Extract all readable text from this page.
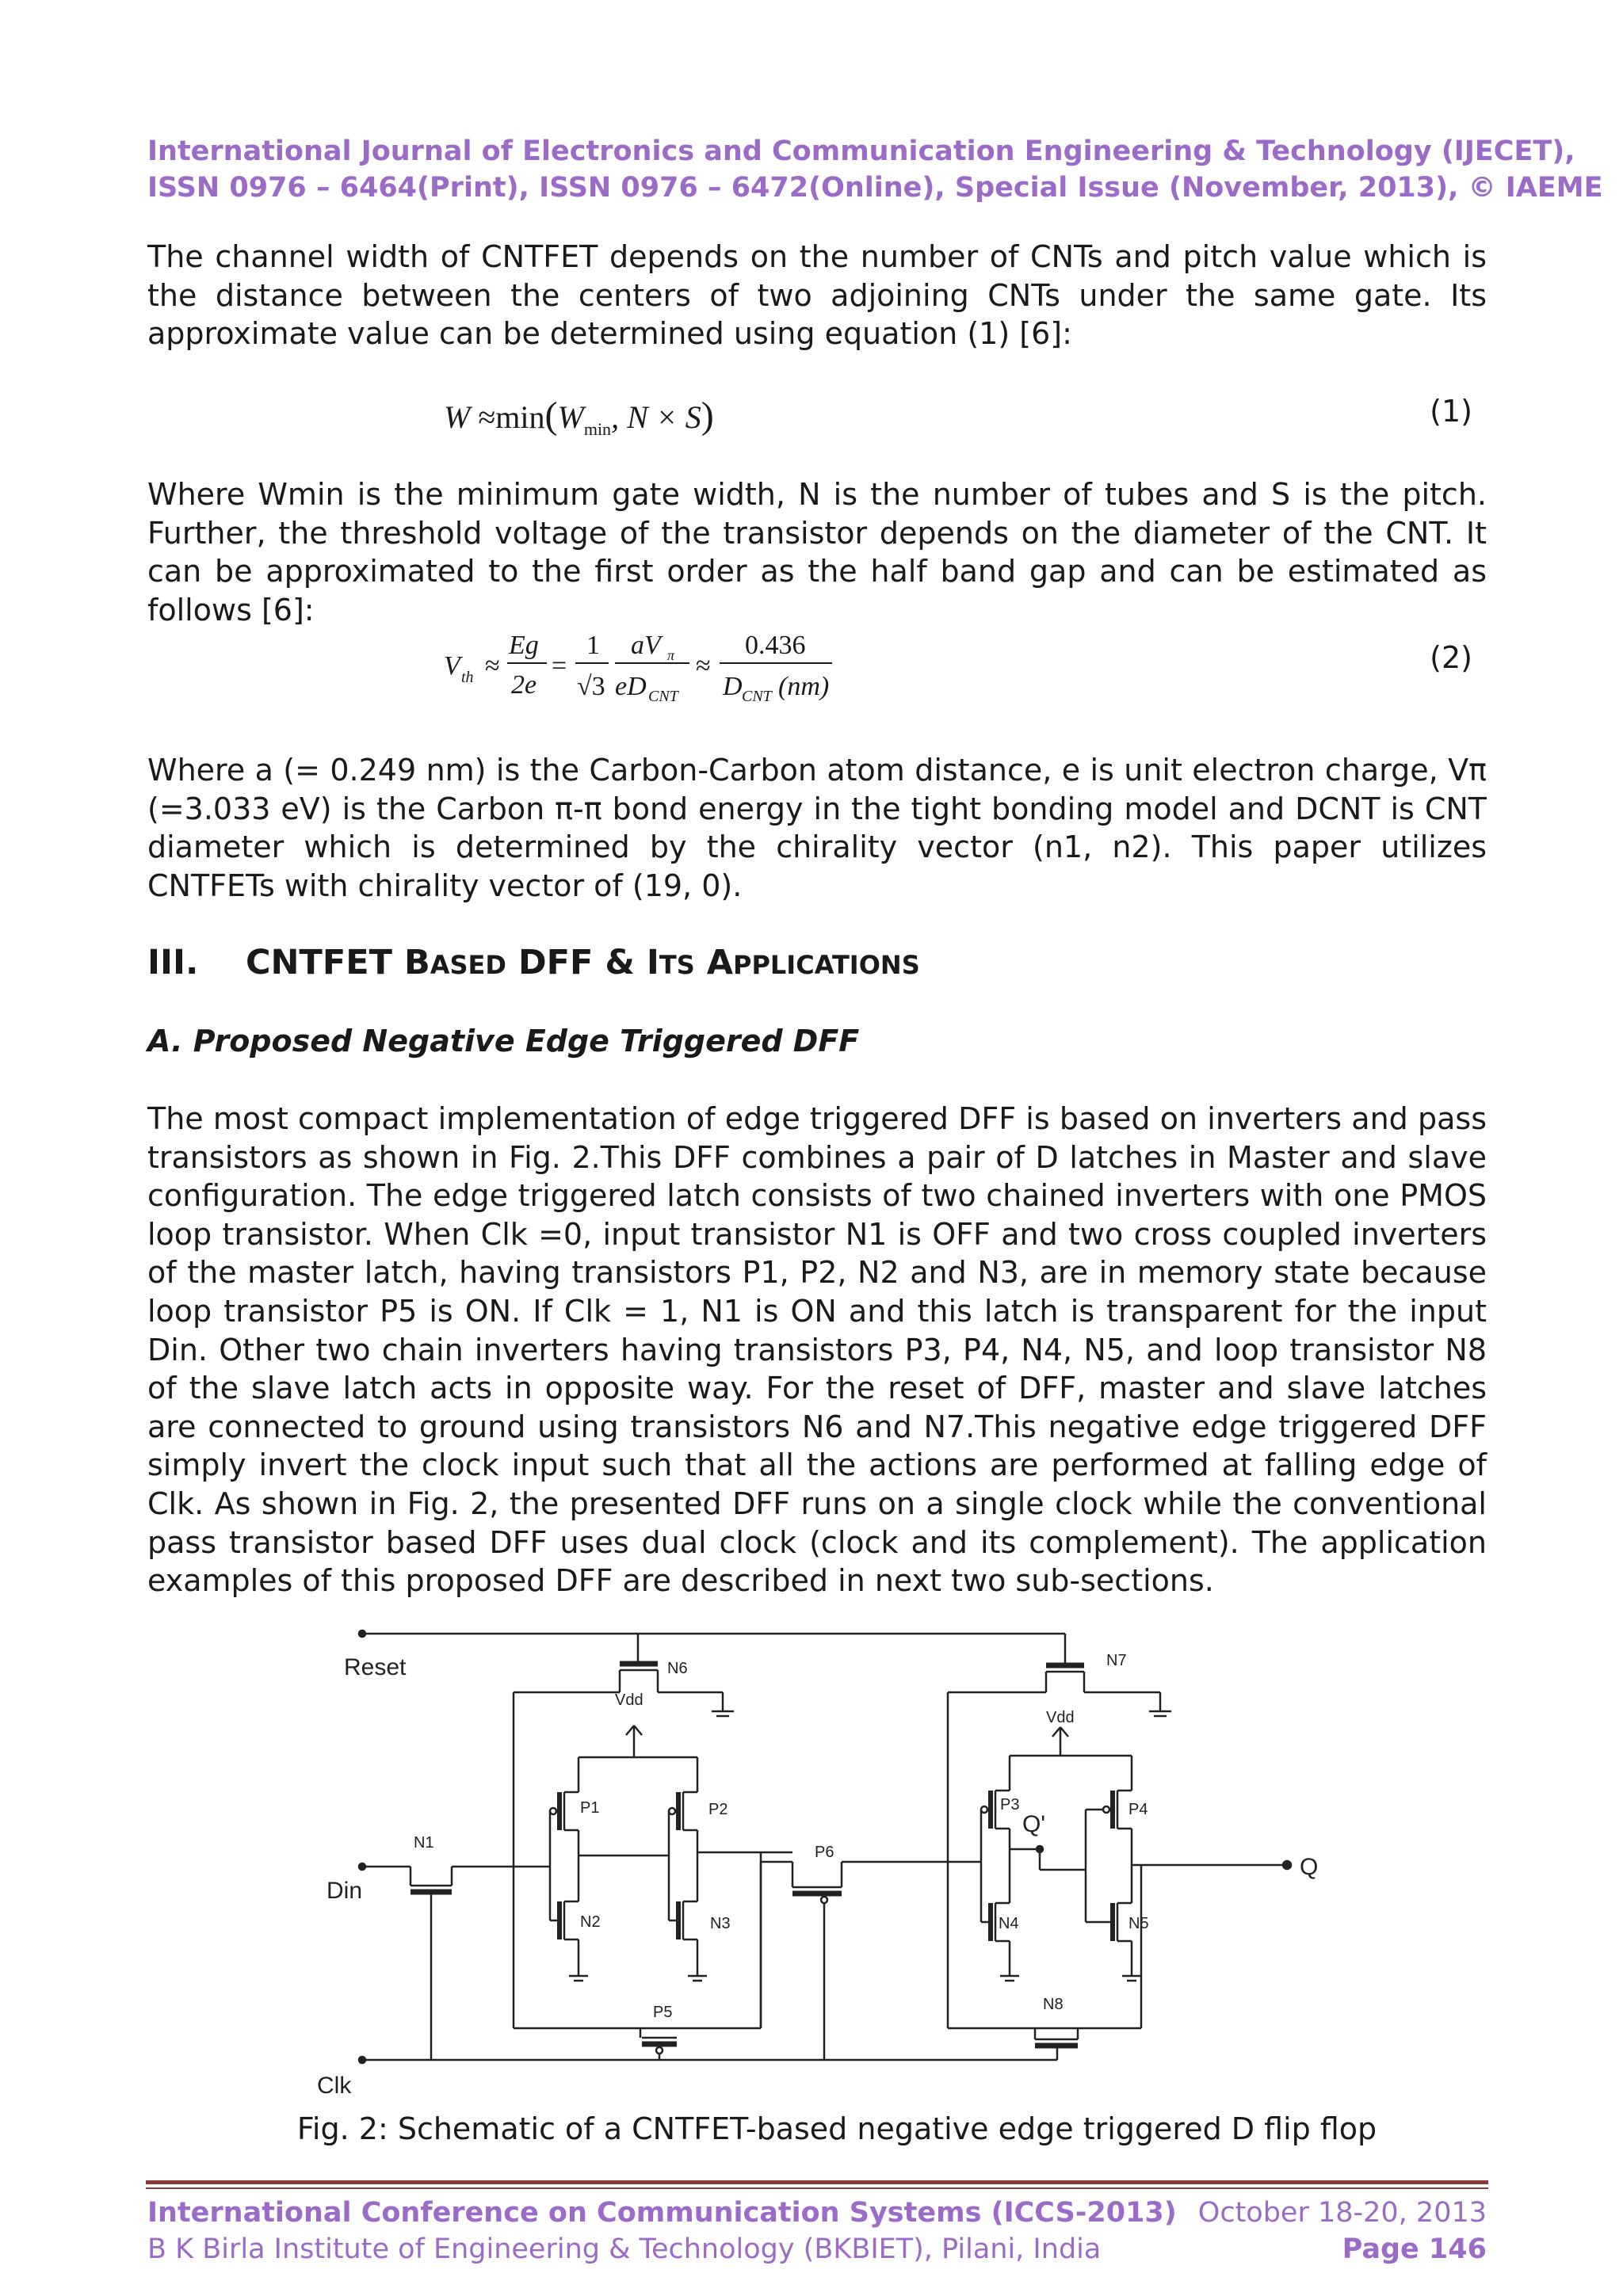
International Journal of Electronics and Communication Engineering & Technology (IJECET),
ISSN 0976 – 6464(Print), ISSN 0976 – 6472(Online), Special Issue (November, 2013), © IAEME
The channel width of CNTFET depends on the number of CNTs and pitch value which is the distance between the centers of two adjoining CNTs under the same gate. Its approximate value can be determined using equation (1) [6]:
$W \approx\min(W_{min}$, N × S)	(1)
Where Wmin is the minimum gate width, N is the number of tubes and S is the pitch. Further, the threshold voltage of the transistor depends on the diameter of the CNT. It can be approximated to the first order as the half band gap and can be estimated as follows [6]:
V th ≈
Eg
2e
=
1
√3
aV π
eD CNT
≈
0.436
D CNT (nm)
(2)
Where a (= 0.249 nm) is the Carbon-Carbon atom distance, e is unit electron charge, Vπ (=3.033 eV) is the Carbon π-π bond energy in the tight bonding model and DCNT is CNT diameter which is determined by the chirality vector (n1, n2). This paper utilizes CNTFETs with chirality vector of (19, 0).
III. CNTFET BASED DFF & ITS APPLICATIONS
A. Proposed Negative Edge Triggered DFF
The most compact implementation of edge triggered DFF is based on inverters and pass transistors as shown in Fig. 2.This DFF combines a pair of D latches in Master and slave configuration. The edge triggered latch consists of two chained inverters with one PMOS loop transistor. When Clk =0, input transistor N1 is OFF and two cross coupled inverters of the master latch, having transistors P1, P2, N2 and N3, are in memory state because loop transistor P5 is ON. If Clk = 1, N1 is ON and this latch is transparent for the input Din. Other two chain inverters having transistors P3, P4, N4, N5, and loop transistor N8 of the slave latch acts in opposite way. For the reset of DFF, master and slave latches are connected to ground using transistors N6 and N7.This negative edge triggered DFF simply invert the clock input such that all the actions are performed at falling edge of Clk. As shown in Fig. 2, the presented DFF runs on a single clock while the conventional pass transistor based DFF uses dual clock (clock and its complement). The application examples of this proposed DFF are described in next two sub-sections.
Reset
Din
Clk
Q
Q'
Vdd
Vdd
N1
N2	N3	N4	N5
N6	N7
N8
P1	P2	P3	P4
P5
P6
Fig. 2: Schematic of a CNTFET-based negative edge triggered D flip flop
International Conference on Communication Systems (ICCS-2013)
B K Birla Institute of Engineering & Technology (BKBIET), Pilani, India
October 18-20, 2013
Page 146
